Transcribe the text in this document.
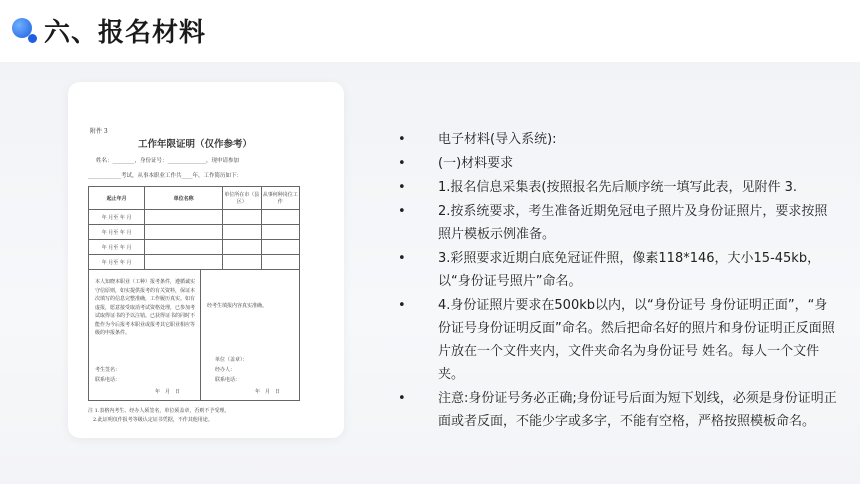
六、报名材料
附件 3
工作年限证明（仅作参考）
姓名：________，身份证号：______________，现申请参加
____________考试，从事本职业工作共____年，工作简历如下：
起止年月	单位名称	单位所在市（县区）	从事何种岗位工作
年 月至 年 月			
年 月至 年 月			
年 月至 年 月			
年 月至 年 月			
本人知晓本职业（工种）报考条件，遵循诚实守信原则，如实提供报考的有关资料，保证本次填写的信息完整准确，工作履历真实。如有虚报，愿意接受取消考试资格处理，已参加考试取得证书的予以注销。已获得证书的同时不能作为今后报考本职业或报考其它职业相应等级的申报条件。
经考生填报内容真实准确。
单位（盖章）：
经办人：
联系电话：
年　月　日
考生签名：
联系电话：
年　月　日
注 1.表格内考生、经办人须签名，单位须盖章，否则不予受理。
　2.此证明仅作报考等级认定证书凭据，不作其他用途。
• 电子材料(导入系统):
• (一)材料要求
• 1.报名信息采集表(按照报名先后顺序统一填写此表，见附件 3.
• 2.按系统要求，考生准备近期免冠电子照片及身份证照片，要求按照照片模板示例准备。
• 3.彩照要求近期白底免冠证件照，像素118*146，大小15-45kb，以“身份证号照片”命名。
• 4.身份证照片要求在500kb以内，以“身份证号 身份证明正面”，“身份证号身份证明反面”命名。然后把命名好的照片和身份证明正反面照片放在一个文件夹内，文件夹命名为身份证号 姓名。每人一个文件夹。
• 注意:身份证号务必正确;身份证号后面为短下划线，必须是身份证明正面或者反面，不能少字或多字，不能有空格，严格按照模板命名。
